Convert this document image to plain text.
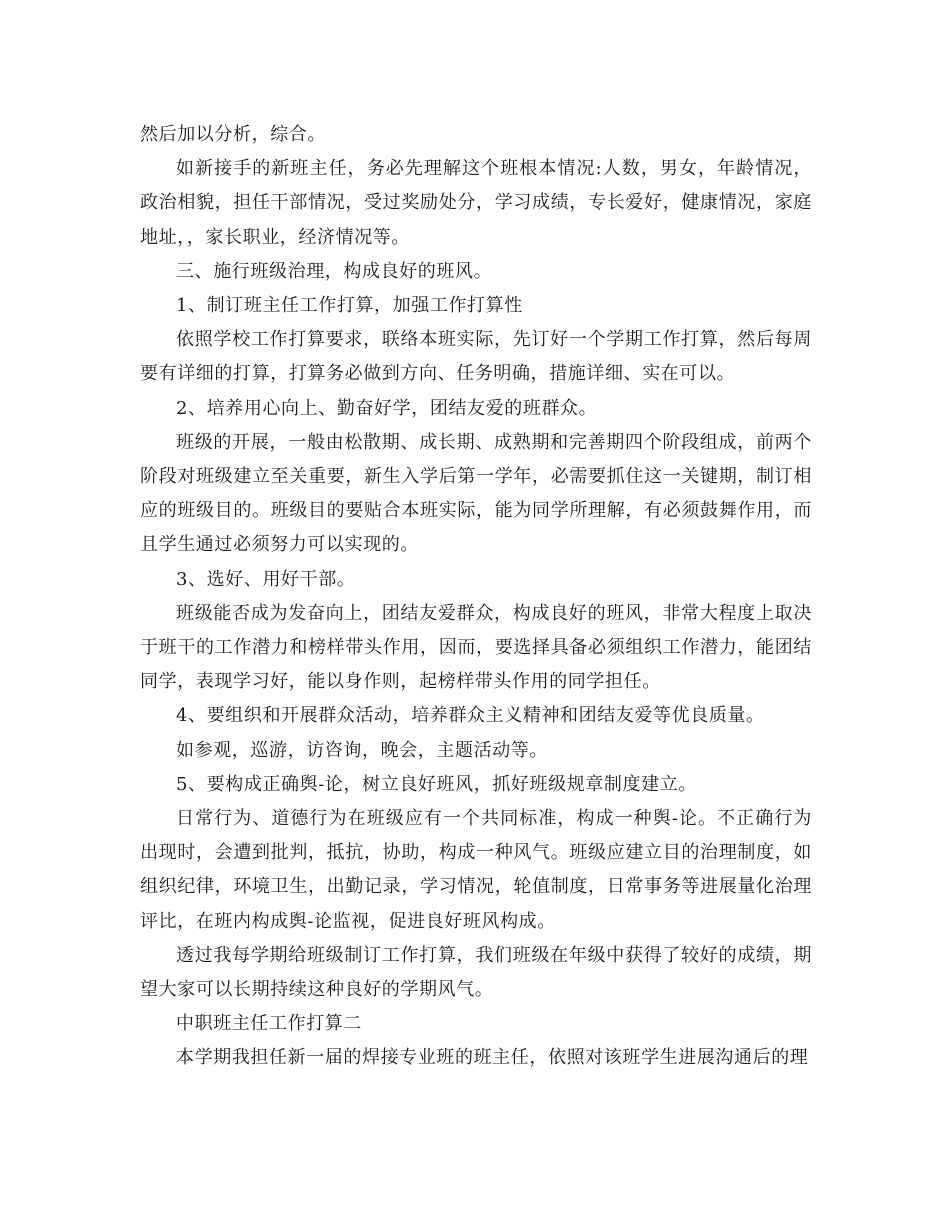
然后加以分析，综合。

如新接手的新班主任，务必先理解这个班根本情况:人数，男女，年龄情况，政治相貌，担任干部情况，受过奖励处分，学习成绩，专长爱好，健康情况，家庭地址，，家长职业，经济情况等。

三、施行班级治理，构成良好的班风。

1、制订班主任工作打算，加强工作打算性

依照学校工作打算要求，联络本班实际，先订好一个学期工作打算，然后每周要有详细的打算，打算务必做到方向、任务明确，措施详细、实在可以。

2、培养用心向上、勤奋好学，团结友爱的班群众。

班级的开展，一般由松散期、成长期、成熟期和完善期四个阶段组成，前两个阶段对班级建立至关重要，新生入学后第一学年，必需要抓住这一关键期，制订相应的班级目的。班级目的要贴合本班实际，能为同学所理解，有必须鼓舞作用，而且学生通过必须努力可以实现的。

3、选好、用好干部。

班级能否成为发奋向上，团结友爱群众，构成良好的班风，非常大程度上取决于班干的工作潜力和榜样带头作用，因而，要选择具备必须组织工作潜力，能团结同学，表现学习好，能以身作则，起榜样带头作用的同学担任。

4、要组织和开展群众活动，培养群众主义精神和团结友爱等优良质量。

如参观，巡游，访咨询，晚会，主题活动等。

5、要构成正确舆-论，树立良好班风，抓好班级规章制度建立。

日常行为、道德行为在班级应有一个共同标准，构成一种舆-论。不正确行为出现时，会遭到批判，抵抗，协助，构成一种风气。班级应建立目的治理制度，如组织纪律，环境卫生，出勤记录，学习情况，轮值制度，日常事务等进展量化治理评比，在班内构成舆-论监视，促进良好班风构成。

透过我每学期给班级制订工作打算，我们班级在年级中获得了较好的成绩，期望大家可以长期持续这种良好的学期风气。

中职班主任工作打算二

本学期我担任新一届的焊接专业班的班主任，依照对该班学生进展沟通后的理
